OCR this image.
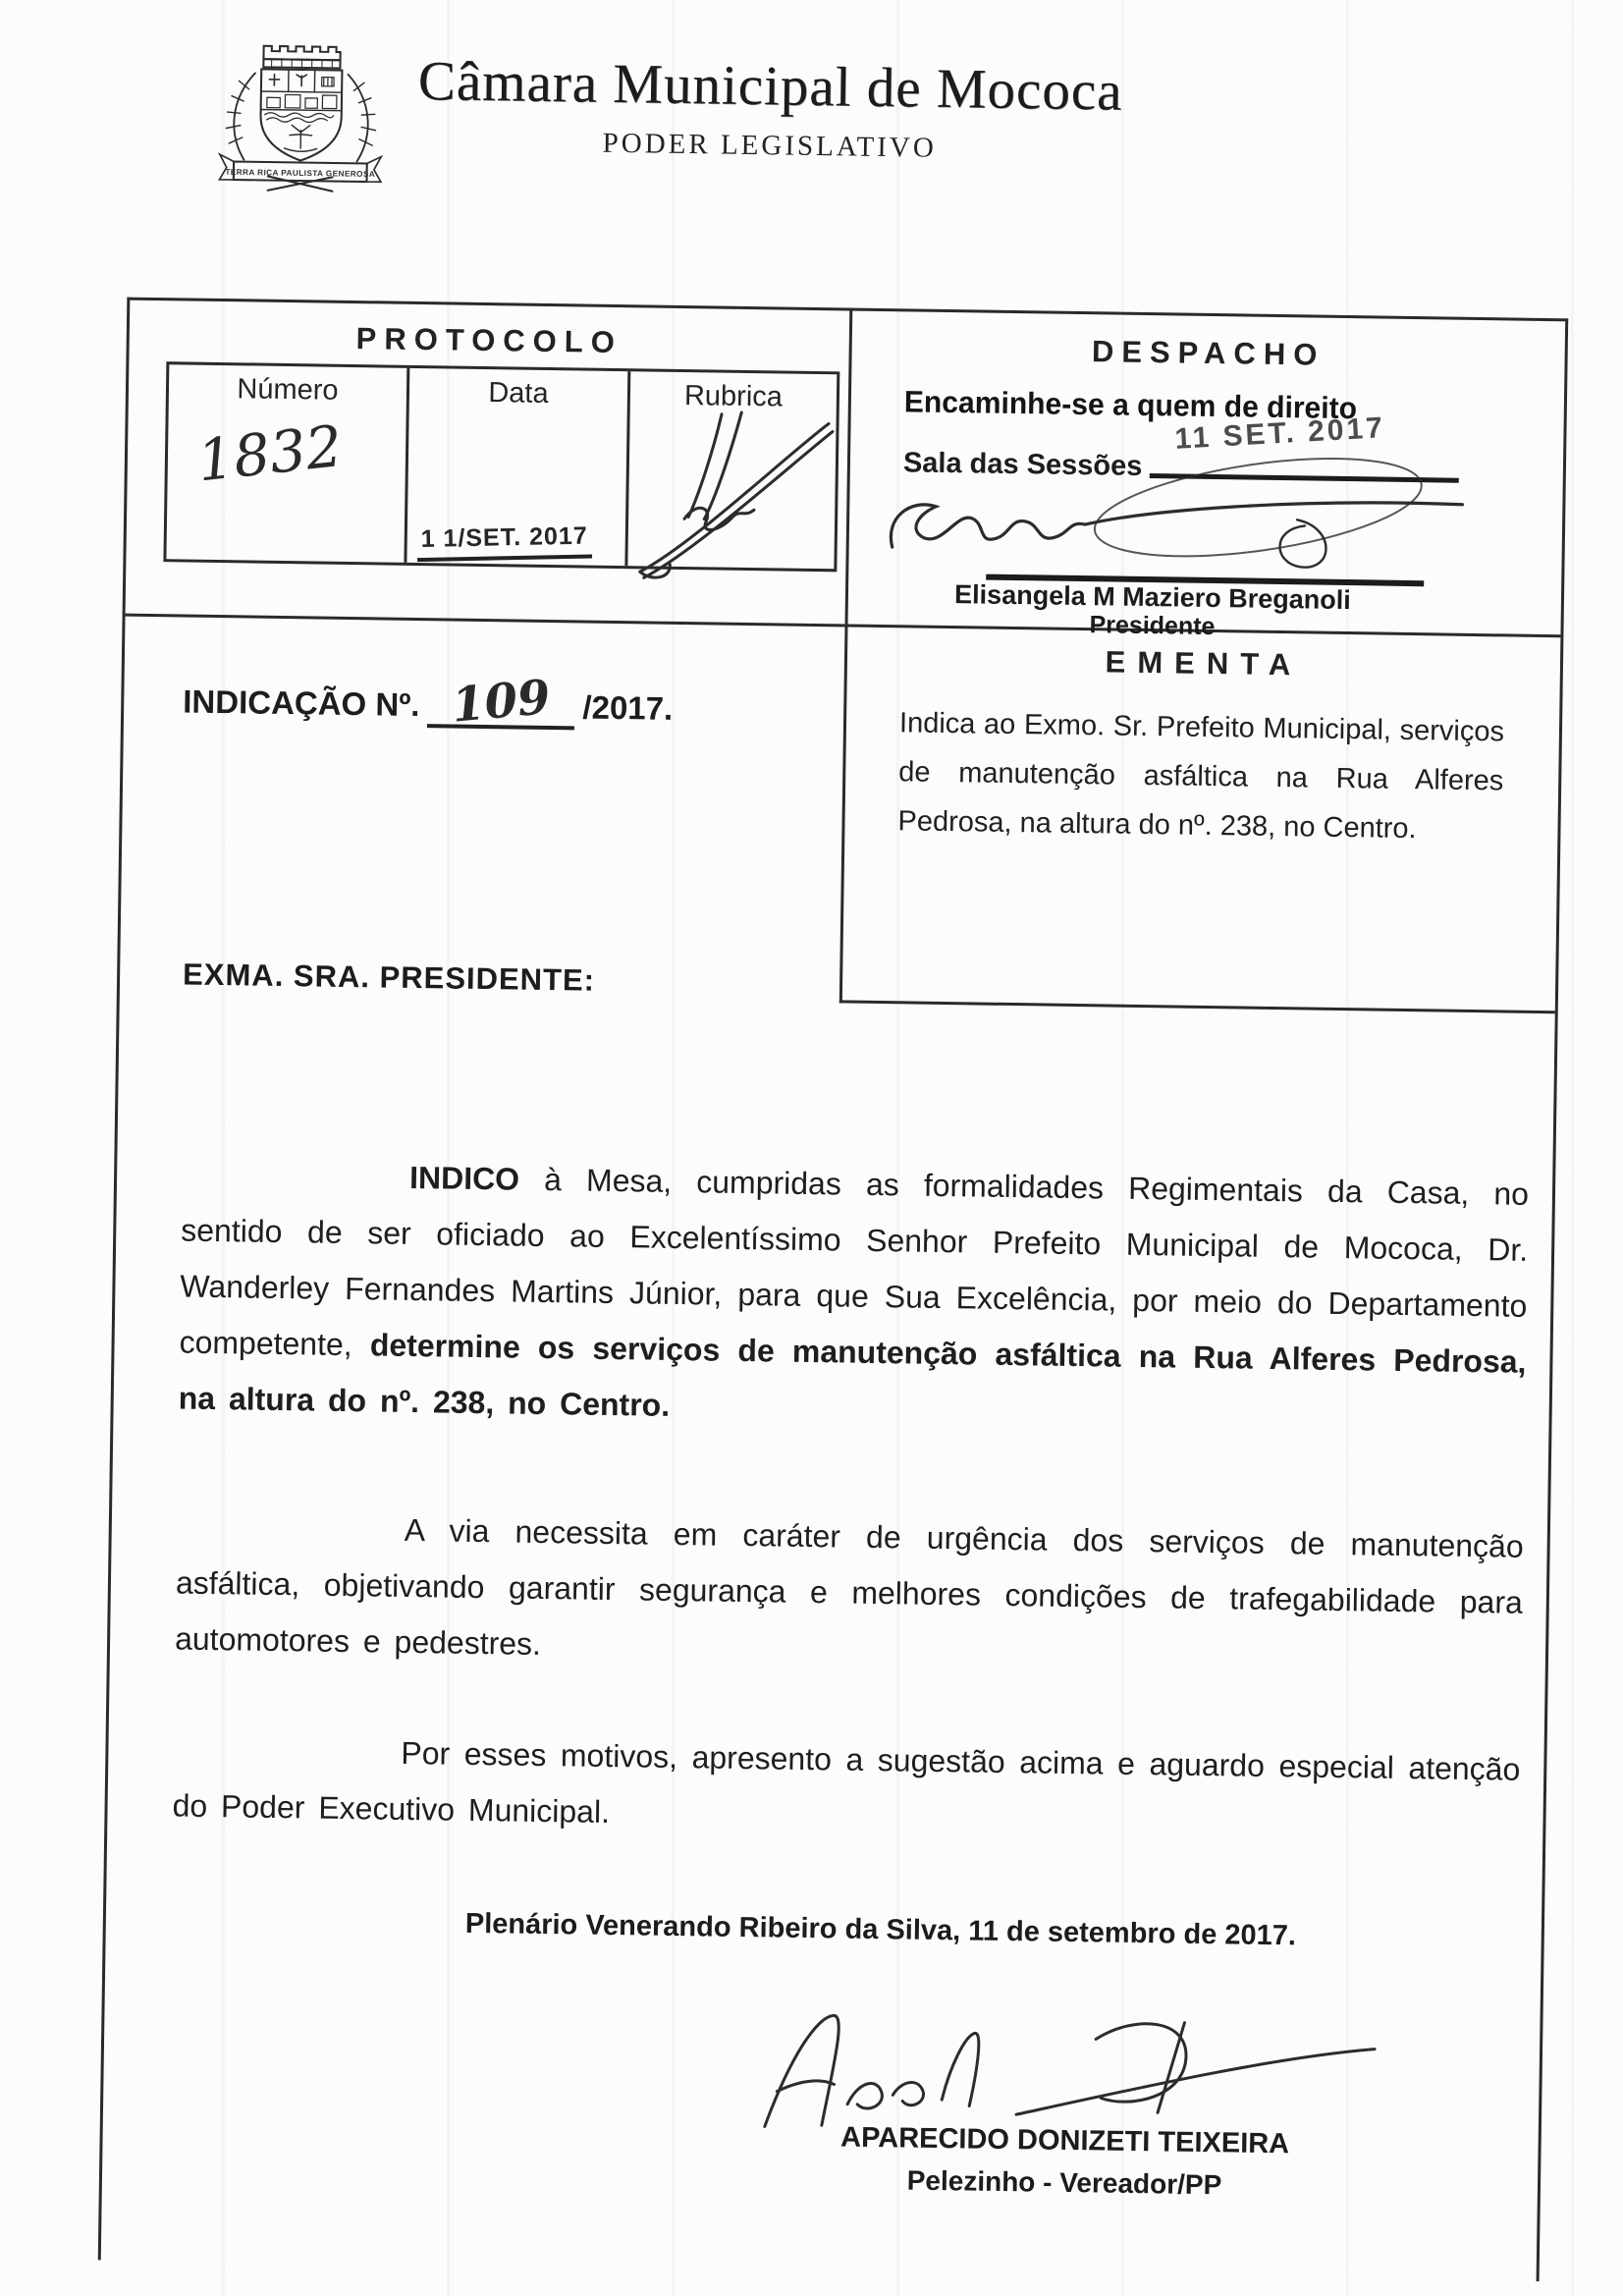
TERRA RICA PAULISTA GENEROSA
Câmara Municipal de Mococa
PODER LEGISLATIVO
PROTOCOLO
Número
1832
Data
1 1/SET. 2017
Rubrica
DESPACHO
Encaminhe-se a quem de direito
Sala das Sessões
11 SET. 2017
Elisangela M Maziero Breganoli
Presidente
INDICAÇÃO Nº. 109 /2017.
EMENTA
Indica ao Exmo. Sr. Prefeito Municipal, serviços de manutenção asfáltica na Rua Alferes Pedrosa, na altura do nº. 238, no Centro.
EXMA. SRA. PRESIDENTE:

INDICO à Mesa, cumpridas as formalidades Regimentais da Casa, no sentido de ser oficiado ao Excelentíssimo Senhor Prefeito Municipal de Mococa, Dr. Wanderley Fernandes Martins Júnior, para que Sua Excelência, por meio do Departamento competente, determine os serviços de manutenção asfáltica na Rua Alferes Pedrosa, na altura do nº. 238, no Centro.

A via necessita em caráter de urgência dos serviços de manutenção asfáltica, objetivando garantir segurança e melhores condições de trafegabilidade para automotores e pedestres.

Por esses motivos, apresento a sugestão acima e aguardo especial atenção do Poder Executivo Municipal.

Plenário Venerando Ribeiro da Silva, 11 de setembro de 2017.
APARECIDO DONIZETI TEIXEIRA
Pelezinho - Vereador/PP
